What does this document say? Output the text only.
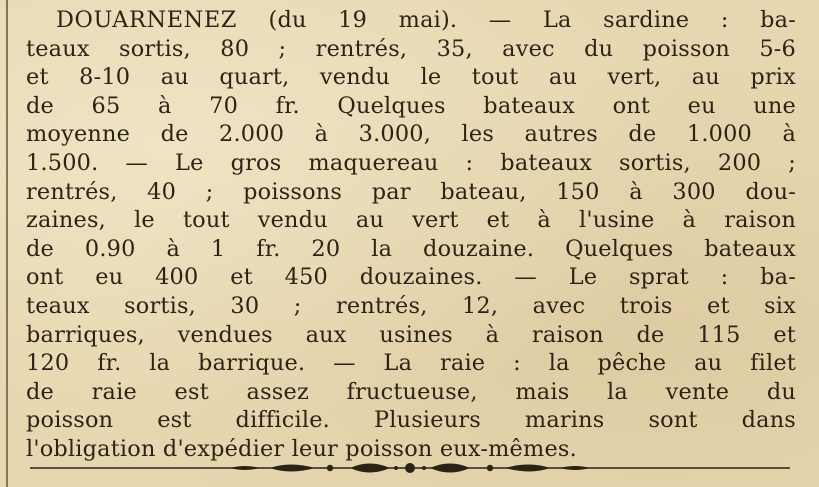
DOUARNENEZ (du 19 mai). — La sardine : ba-
teaux sortis, 80 ; rentrés, 35, avec du poisson 5-6
et 8-10 au quart, vendu le tout au vert, au prix
de 65 à 70 fr. Quelques bateaux ont eu une
moyenne de 2.000 à 3.000, les autres de 1.000 à
1.500. — Le gros maquereau : bateaux sortis, 200 ;
rentrés, 40 ; poissons par bateau, 150 à 300 dou-
zaines, le tout vendu au vert et à l'usine à raison
de 0.90 à 1 fr. 20 la douzaine. Quelques bateaux
ont eu 400 et 450 douzaines. — Le sprat : ba-
teaux sortis, 30 ; rentrés, 12, avec trois et six
barriques, vendues aux usines à raison de 115 et
120 fr. la barrique. — La raie : la pêche au filet
de raie est assez fructueuse, mais la vente du
poisson est difficile. Plusieurs marins sont dans
l'obligation d'expédier leur poisson eux-mêmes.
